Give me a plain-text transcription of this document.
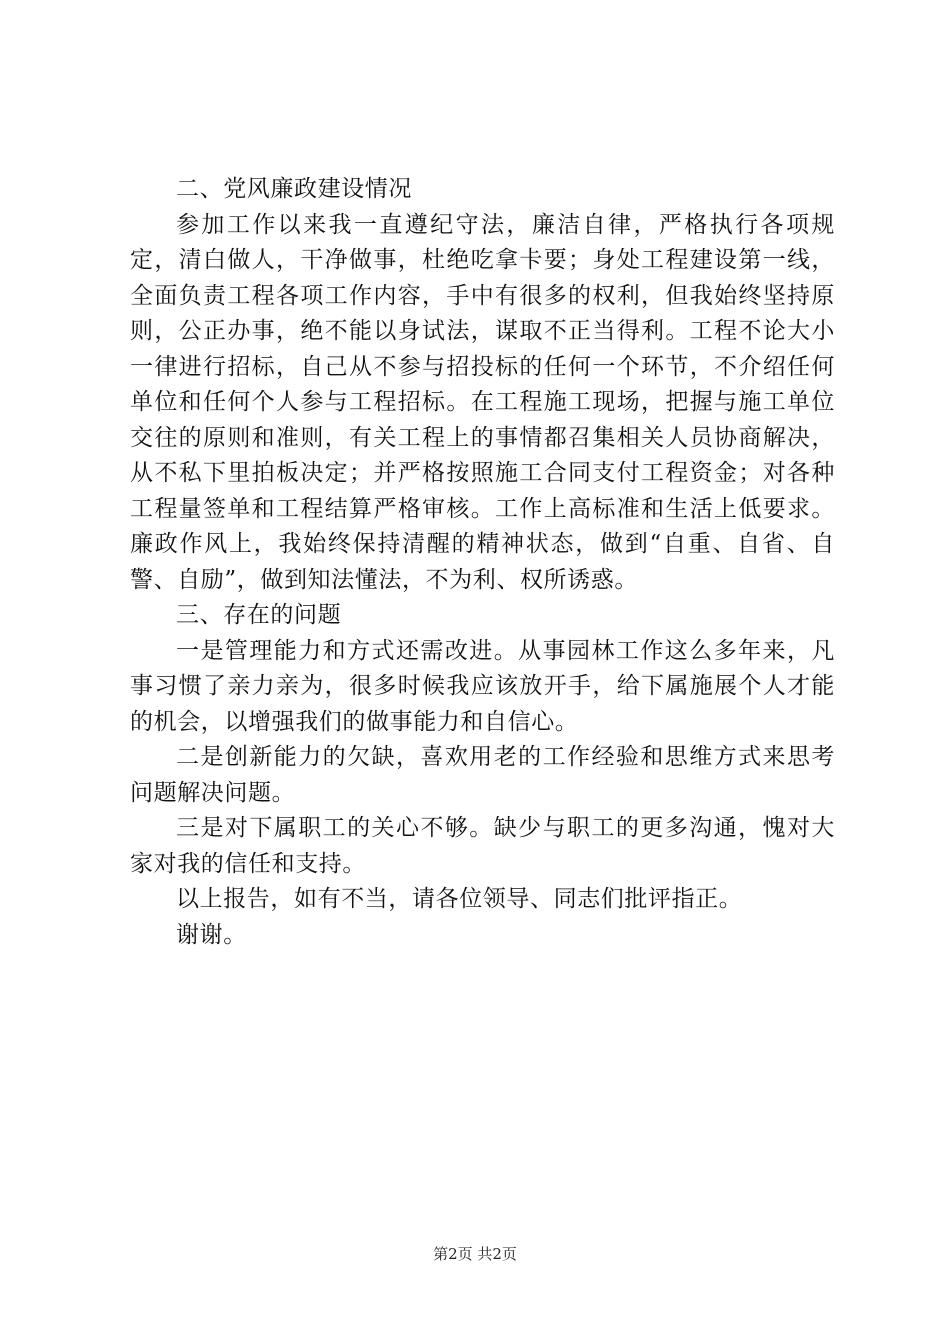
二、党风廉政建设情况

参加工作以来我一直遵纪守法，廉洁自律，严格执行各项规定，清白做人，干净做事，杜绝吃拿卡要；身处工程建设第一线，全面负责工程各项工作内容，手中有很多的权利，但我始终坚持原则，公正办事，绝不能以身试法，谋取不正当得利。工程不论大小一律进行招标，自己从不参与招投标的任何一个环节，不介绍任何单位和任何个人参与工程招标。在工程施工现场，把握与施工单位交往的原则和准则，有关工程上的事情都召集相关人员协商解决，从不私下里拍板决定；并严格按照施工合同支付工程资金；对各种工程量签单和工程结算严格审核。工作上高标准和生活上低要求。廉政作风上，我始终保持清醒的精神状态，做到“自重、自省、自警、自励”，做到知法懂法，不为利、权所诱惑。

三、存在的问题

一是管理能力和方式还需改进。从事园林工作这么多年来，凡事习惯了亲力亲为，很多时候我应该放开手，给下属施展个人才能的机会，以增强我们的做事能力和自信心。

二是创新能力的欠缺，喜欢用老的工作经验和思维方式来思考问题解决问题。

三是对下属职工的关心不够。缺少与职工的更多沟通，愧对大家对我的信任和支持。

以上报告，如有不当，请各位领导、同志们批评指正。

谢谢。

第2页 共2页
